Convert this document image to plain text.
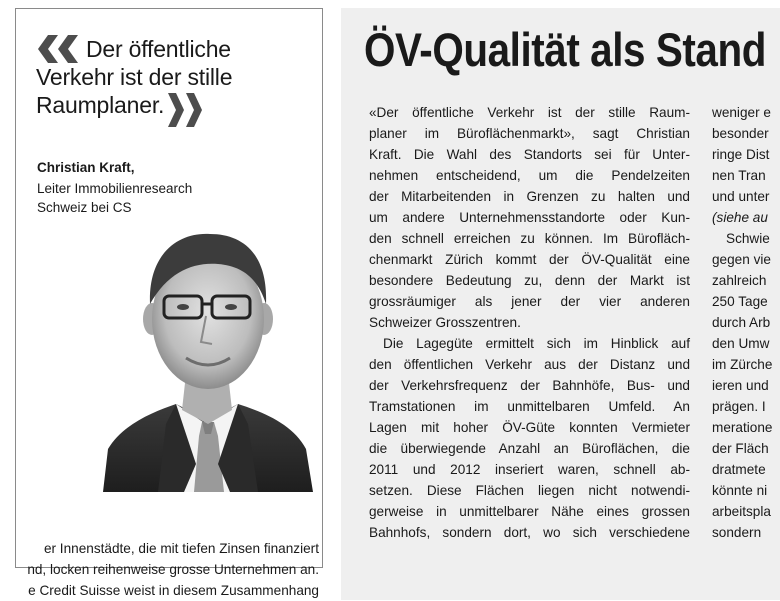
Der öffentliche
Verkehr ist der stille
Raumplaner.
Christian Kraft,
Leiter Immobilienresearch
Schweiz bei CS
er Innenstädte, die mit tiefen Zinsen finanziert
nd, locken reihenweise grosse Unternehmen an.
e Credit Suisse weist in diesem Zusammenhang
ÖV-Qualität als Stand
«Der öffentliche Verkehr ist der stille Raum-
planer im Büroflächenmarkt», sagt Christian
Kraft. Die Wahl des Standorts sei für Unter-
nehmen entscheidend, um die Pendelzeiten
der Mitarbeitenden in Grenzen zu halten und
um andere Unternehmensstandorte oder Kun-
den schnell erreichen zu können. Im Bürofläch-
chenmarkt Zürich kommt der ÖV-Qualität eine
besondere Bedeutung zu, denn der Markt ist
grossräumiger als jener der vier anderen
Schweizer Grosszentren.
Die Lagegüte ermittelt sich im Hinblick auf
den öffentlichen Verkehr aus der Distanz und
der Verkehrsfrequenz der Bahnhöfe, Bus- und
Tramstationen im unmittelbaren Umfeld. An
Lagen mit hoher ÖV-Güte konnten Vermieter
die überwiegende Anzahl an Büroflächen, die
2011 und 2012 inseriert waren, schnell ab-
setzen. Diese Flächen liegen nicht notwendi-
gerweise in unmittelbarer Nähe eines grossen
Bahnhofs, sondern dort, wo sich verschiedene
weniger e
besonder
ringe Dist
nen Tran
und unter
(siehe au
Schwie
gegen vie
zahlreich
250 Tage
durch Arb
den Umw
im Zürche
ieren und
prägen. I
meratione
der Fläch
dratmete
könnte ni
arbeitspla
sondern
